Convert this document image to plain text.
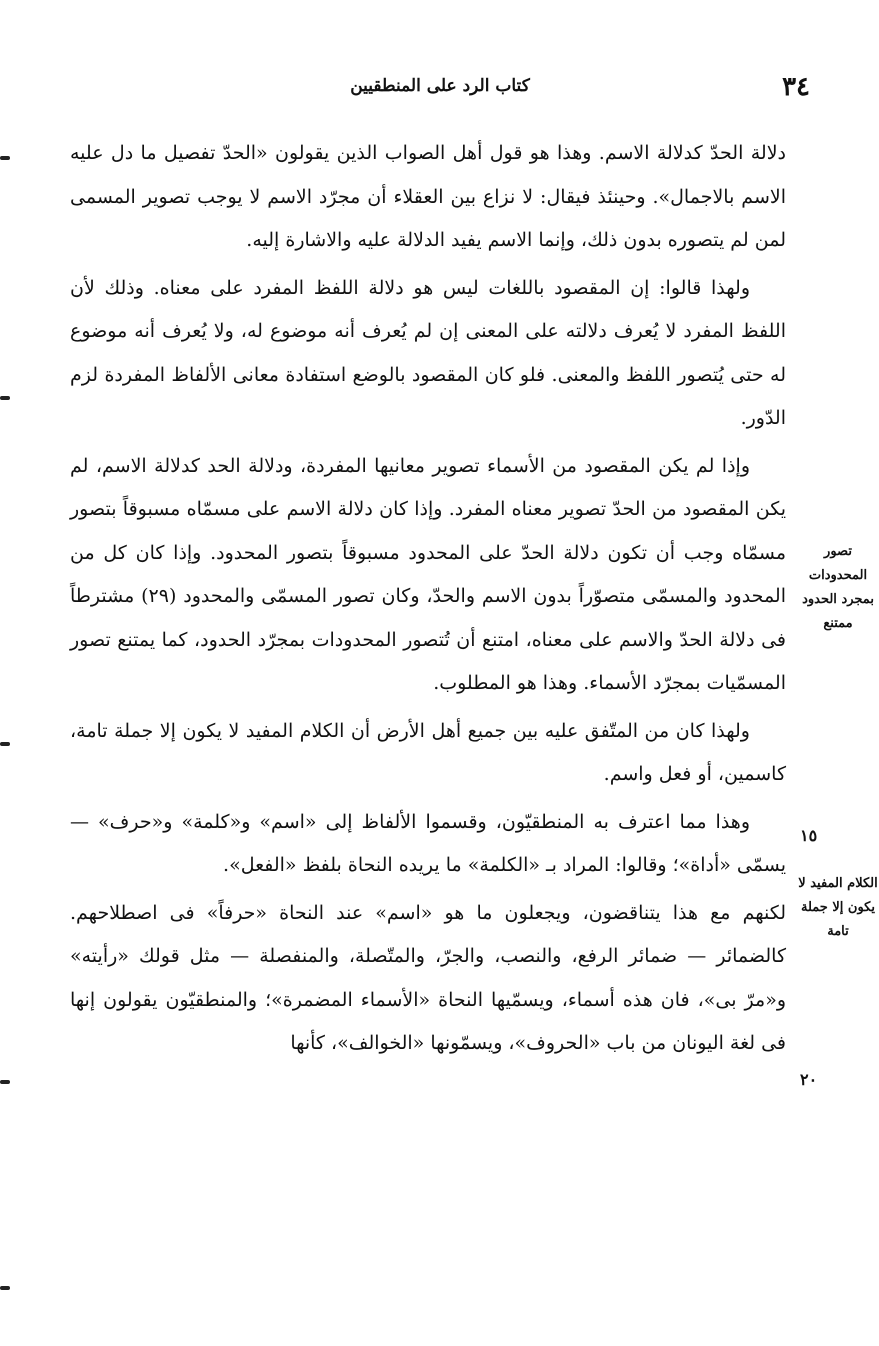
٣٤
كتاب الرد على المنطقيين

دلالة الحدّ كدلالة الاسم. وهذا هو قول أهل الصواب الذين يقولون «الحدّ تفصيل ما دل عليه الاسم بالاجمال». وحينئذ فيقال: لا نزاع بين العقلاء أن مجرّد الاسم لا يوجب تصوير المسمى لمن لم يتصوره بدون ذلك، وإنما الاسم يفيد الدلالة عليه والاشارة إليه.

ولهذا قالوا: إن المقصود باللغات ليس هو دلالة اللفظ المفرد على معناه. وذلك لأن اللفظ المفرد لا يُعرف دلالته على المعنى إن لم يُعرف أنه موضوع له، ولا يُعرف أنه موضوع له حتى يُتصور اللفظ والمعنى. فلو كان المقصود بالوضع استفادة معانى الألفاظ المفردة لزم الدّور.

وإذا لم يكن المقصود من الأسماء تصوير معانيها المفردة، ودلالة الحد كدلالة الاسم، لم يكن المقصود من الحدّ تصوير معناه المفرد. وإذا كان دلالة الاسم على مسمّاه مسبوقاً بتصور مسمّاه وجب أن تكون دلالة الحدّ على المحدود مسبوقاً بتصور المحدود. وإذا كان كل من المحدود والمسمّى متصوّراً بدون الاسم والحدّ، وكان تصور المسمّى والمحدود (٢٩) مشترطاً فى دلالة الحدّ والاسم على معناه، امتنع أن تُتصور المحدودات بمجرّد الحدود، كما يمتنع تصور المسمّيات بمجرّد الأسماء. وهذا هو المطلوب.

ولهذا كان من المتّفق عليه بين جميع أهل الأرض أن الكلام المفيد لا يكون إلا جملة تامة، كاسمين، أو فعل واسم.

وهذا مما اعترف به المنطقيّون، وقسموا الألفاظ إلى «اسم» و«كلمة» و«حرف» — يسمّى «أداة»؛ وقالوا: المراد بـ «الكلمة» ما يريده النحاة بلفظ «الفعل».

لكنهم مع هذا يتناقضون، ويجعلون ما هو «اسم» عند النحاة «حرفاً» فى اصطلاحهم. كالضمائر — ضمائر الرفع، والنصب، والجرّ، والمتّصلة، والمنفصلة — مثل قولك «رأيته» و«مرّ بى»، فان هذه أسماء، ويسمّيها النحاة «الأسماء المضمرة»؛ والمنطقيّون يقولون إنها فى لغة اليونان من باب «الحروف»، ويسمّونها «الخوالف»، كأنها

تصور المحدودات بمجرد الحدود ممتنع
الكلام المفيد لا يكون إلا جملة تامة
١٥
٢٠
